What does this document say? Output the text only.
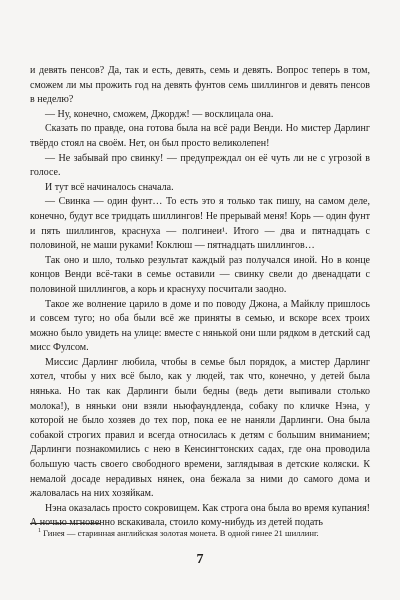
и девять пенсов? Да, так и есть, девять, семь и девять. Вопрос теперь в том, сможем ли мы прожить год на девять фунтов семь шиллингов и девять пенсов в неделю?

— Ну, конечно, сможем, Джордж! — восклицала она.

Сказать по правде, она готова была на всё ради Венди. Но мистер Дарлинг твёрдо стоял на своём. Нет, он был просто великолепен!

— Не забывай про свинку! — предупреждал он её чуть ли не с угрозой в голосе.

И тут всё начиналось сначала.

— Свинка — один фунт… То есть это я только так пишу, на самом деле, конечно, будут все тридцать шиллингов! Не прерывай меня! Корь — один фунт и пять шиллингов, краснуха — полгинеи¹. Итого — два и пятнадцать с половиной, не маши руками! Коклюш — пятнадцать шиллингов…

Так оно и шло, только результат каждый раз получался иной. Но в конце концов Венди всё-таки в семье оставили — свинку свели до двенадцати с половиной шиллингов, а корь и краснуху посчитали заодно.

Такое же волнение царило в доме и по поводу Джона, а Майклу пришлось и совсем туго; но оба были всё же приняты в семью, и вскоре всех троих можно было увидеть на улице: вместе с нянькой они шли рядком в детский сад мисс Фулсом.

Миссис Дарлинг любила, чтобы в семье был порядок, а мистер Дарлинг хотел, чтобы у них всё было, как у людей, так что, конечно, у детей была нянька. Но так как Дарлинги были бедны (ведь дети выпивали столько молока!), в няньки они взяли ньюфаундленда, собаку по кличке Нэна, у которой не было хозяев до тех пор, пока ее не наняли Дарлинги. Она была собакой строгих правил и всегда относилась к детям с большим вниманием; Дарлинги познакомились с нею в Кенсингтонских садах, где она проводила большую часть своего свободного времени, заглядывая в детские коляски. К немалой досаде нерадивых нянек, она бежала за ними до самого дома и жаловалась на них хозяйкам.

Нэна оказалась просто сокровищем. Как строга она была во время купания! А ночью мгновенно вскакивала, стоило кому-нибудь из детей подать

$^1$ Гинея — старинная английская золотая монета. В одной гинее 21 шиллинг.

7
